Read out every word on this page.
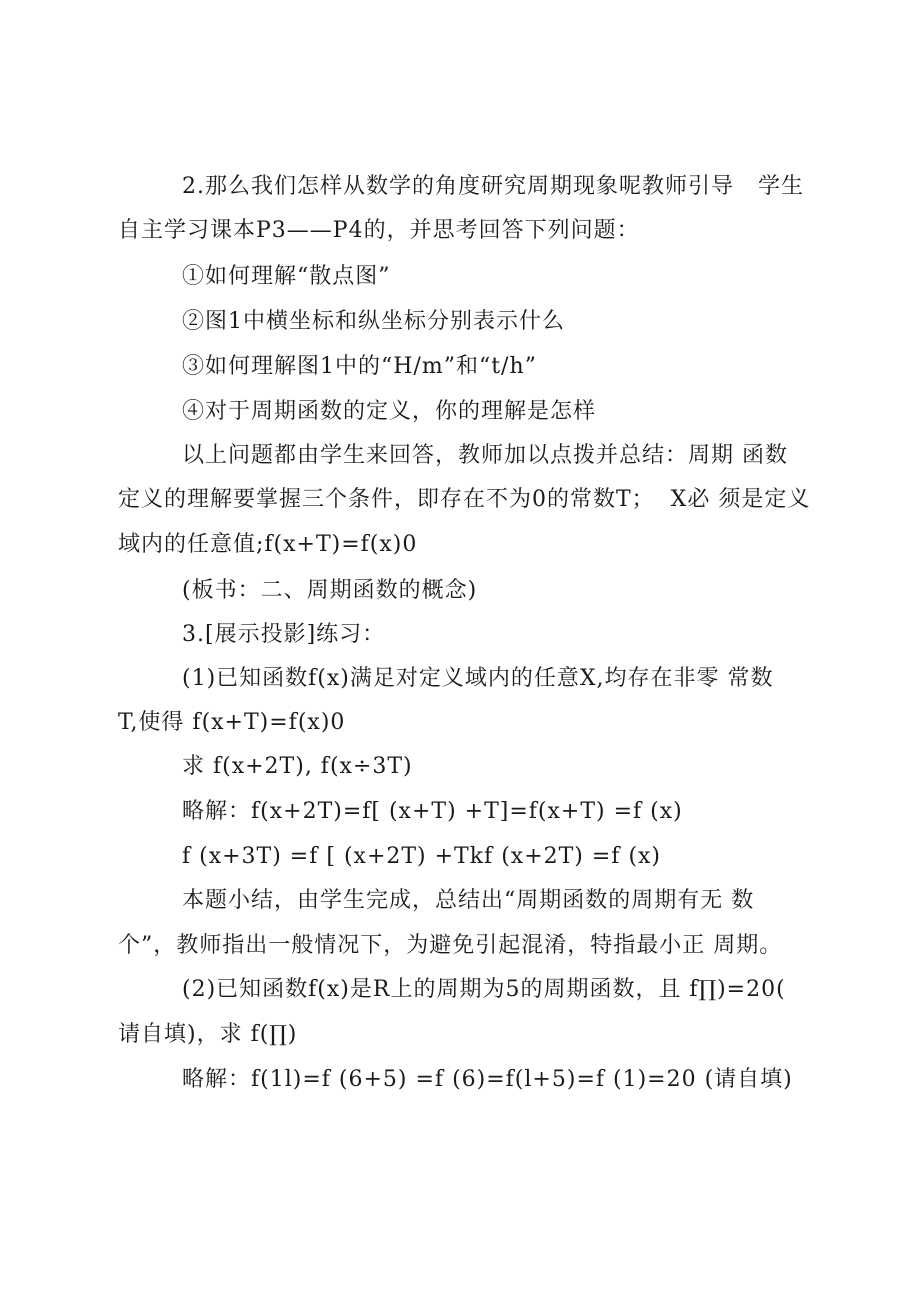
2.那么我们怎样从数学的角度研究周期现象呢教师引导   学生
自主学习课本P3——P4的，并思考回答下列问题：
①如何理解“散点图”
②图1中横坐标和纵坐标分别表示什么
③如何理解图1中的“H/m”和“t/h”
④对于周期函数的定义，你的理解是怎样
以上问题都由学生来回答，教师加以点拨并总结：周期 函数
定义的理解要掌握三个条件，即存在不为0的常数T；  X必 须是定义
域内的任意值;f(x+T)=f(x)0
(板书：二、周期函数的概念)
3.[展示投影]练习：
(1)已知函数f(x)满足对定义域内的任意X,均存在非零 常数
T,使得 f(x+T)=f(x)0
求 f(x+2T), f(x÷3T)
略解：f(x+2T)=f[ (x+T) +T]=f(x+T) =f (x)
f (x+3T) =f [ (x+2T) +Tkf (x+2T) =f (x)
本题小结，由学生完成，总结出“周期函数的周期有无 数
个”，教师指出一般情况下，为避免引起混淆，特指最小正 周期。
(2)已知函数f(x)是R上的周期为5的周期函数，且 f∏)=20(
请自填)，求 f(∏)
略解：f(1l)=f (6+5) =f (6)=f(l+5)=f (1)=20 (请自填)
